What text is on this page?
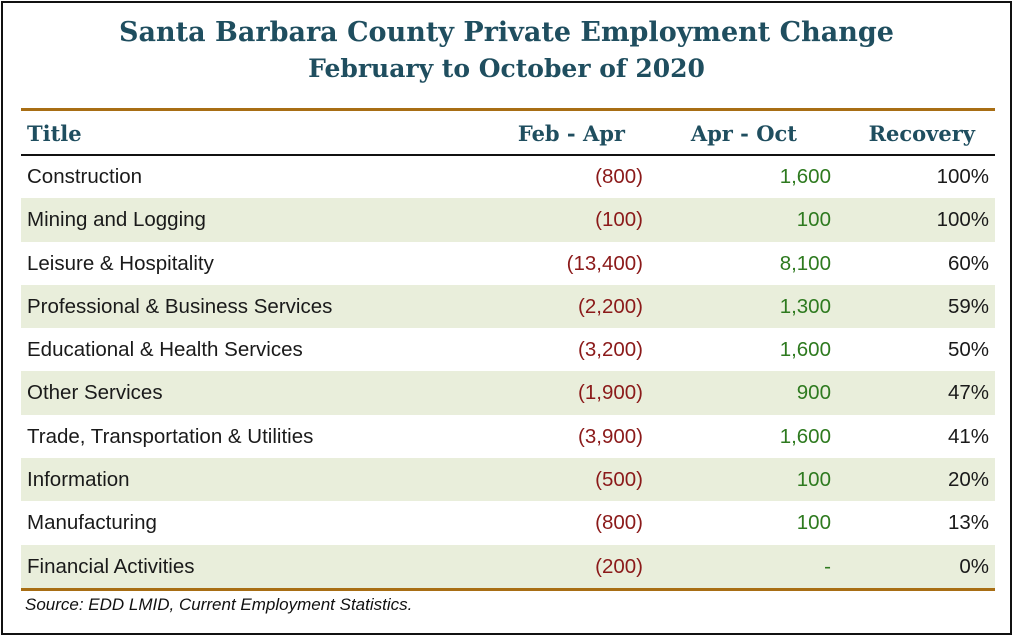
Santa Barbara County Private Employment Change
February to October of 2020
Title	Feb - Apr	Apr - Oct	Recovery
Construction	(800)	1,600	100%
Mining and Logging	(100)	100	100%
Leisure & Hospitality	(13,400)	8,100	60%
Professional & Business Services	(2,200)	1,300	59%
Educational & Health Services	(3,200)	1,600	50%
Other Services	(1,900)	900	47%
Trade, Transportation & Utilities	(3,900)	1,600	41%
Information	(500)	100	20%
Manufacturing	(800)	100	13%
Financial Activities	(200)	-	0%
Source: EDD LMID, Current Employment Statistics.
